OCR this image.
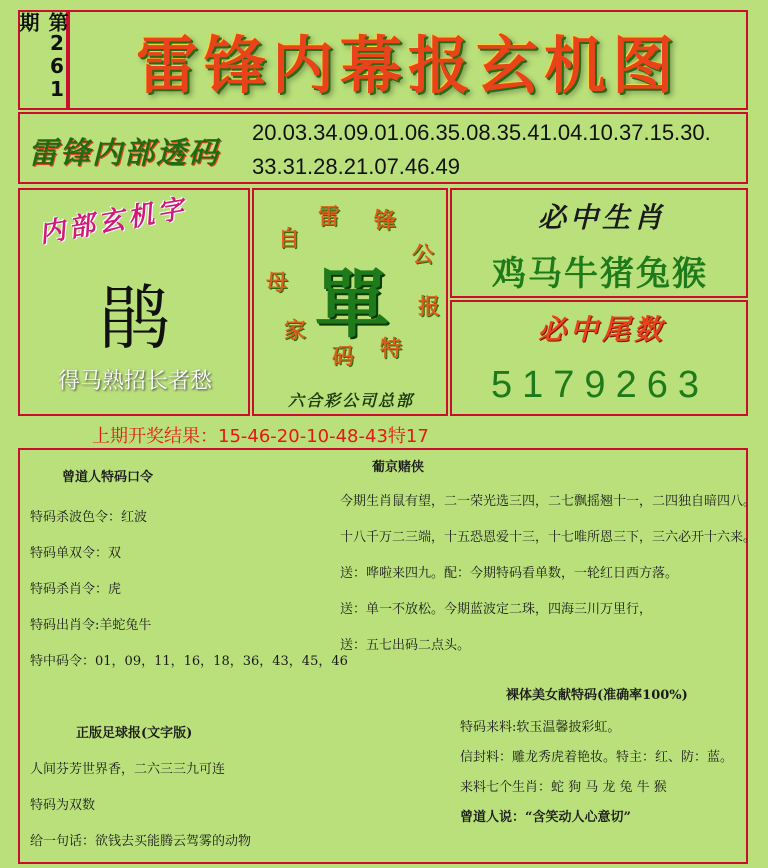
第261期
雷锋内幕报玄机图
雷锋内部透码
20.03.34.09.01.06.35.08.35.41.04.10.37.15.30.
33.31.28.21.07.46.49
内部玄机字
鹃
得马熟招长者愁
雷 锋
公
报
特
码
家
母
自
單
六合彩公司总部
必中生肖
鸡马牛猪兔猴
必中尾数
5179263
上期开奖结果：15-46-20-10-48-43特17
曾道人特码口令
特码杀波色令：红波
特码单双令：双
特码杀肖令：虎
特码出肖令:羊蛇兔牛
特中码令：01，09，11，16，18，36，43，45，46
正版足球报(文字版)
人间芬芳世界香，二六三三九可连
特码为双数
给一句话：欲钱去买能腾云驾雾的动物
葡京赌侠
今期生肖鼠有望，二一荣光选三四，二七飘摇翘十一，二四独自暗四八。
十八千万二三端，十五恐恩爱十三，十七唯所恩三下，三六必开十六来。
送：哗啦来四九。配：今期特码看单数，一轮红日西方落。
送：单一不放松。今期蓝波定二珠，四海三川万里行，
送：五七出码二点头。
裸体美女献特码(准确率100%)
特码来料:软玉温馨披彩虹。
信封料：雕龙秀虎着艳妆。特主：红、防：蓝。
来料七个生肖：蛇 狗 马 龙 兔 牛 猴
曾道人说：“含笑动人心意切”
